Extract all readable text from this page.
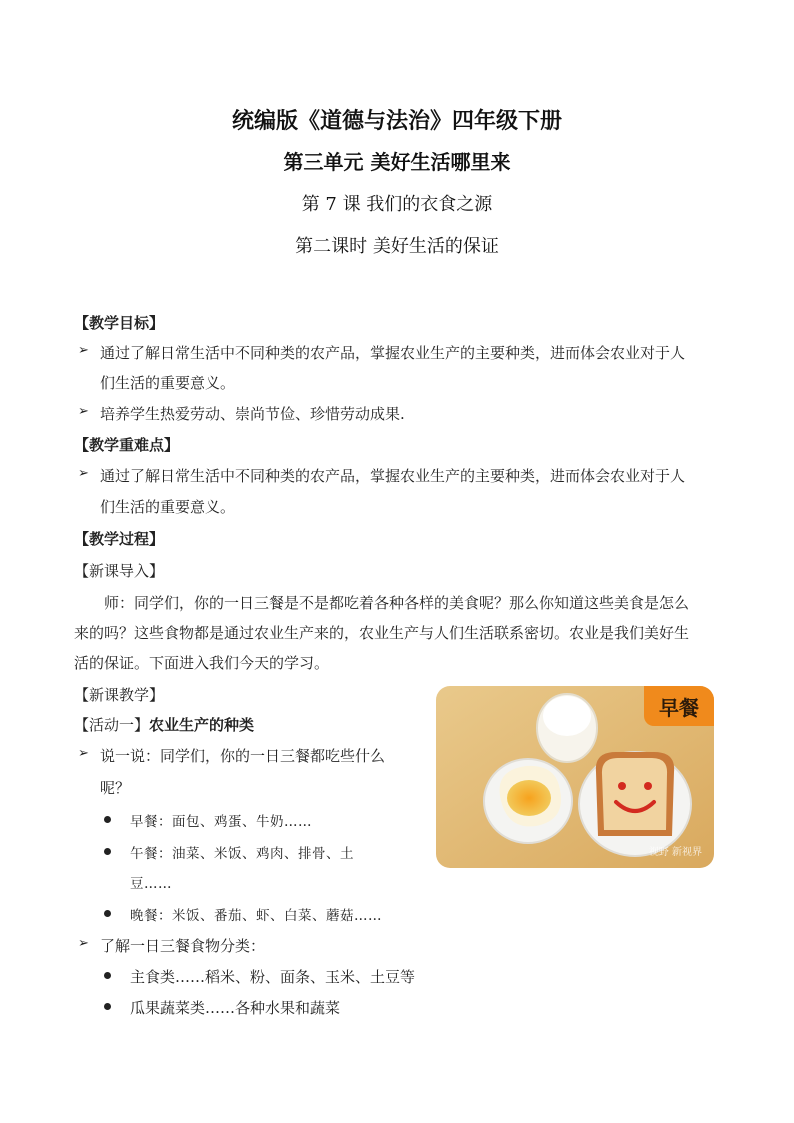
统编版《道德与法治》四年级下册
第三单元 美好生活哪里来
第 7 课 我们的衣食之源
第二课时 美好生活的保证
【教学目标】
➢ 通过了解日常生活中不同种类的农产品，掌握农业生产的主要种类，进而体会农业对于人
们生活的重要意义。
➢ 培养学生热爱劳动、崇尚节俭、珍惜劳动成果.
【教学重难点】
➢ 通过了解日常生活中不同种类的农产品，掌握农业生产的主要种类，进而体会农业对于人
们生活的重要意义。
【教学过程】
【新课导入】
师：同学们，你的一日三餐是不是都吃着各种各样的美食呢？那么你知道这些美食是怎么
来的吗？这些食物都是通过农业生产来的，农业生产与人们生活联系密切。农业是我们美好生
活的保证。下面进入我们今天的学习。
【新课教学】
【活动一】农业生产的种类
➢ 说一说：同学们，你的一日三餐都吃些什么
呢？
早餐：面包、鸡蛋、牛奶……
午餐：油菜、米饭、鸡肉、排骨、土
豆……
晚餐：米饭、番茄、虾、白菜、蘑菇……
➢ 了解一日三餐食物分类：
主食类……稻米、粉、面条、玉米、土豆等
瓜果蔬菜类……各种水果和蔬菜
早餐
视野 新视界
